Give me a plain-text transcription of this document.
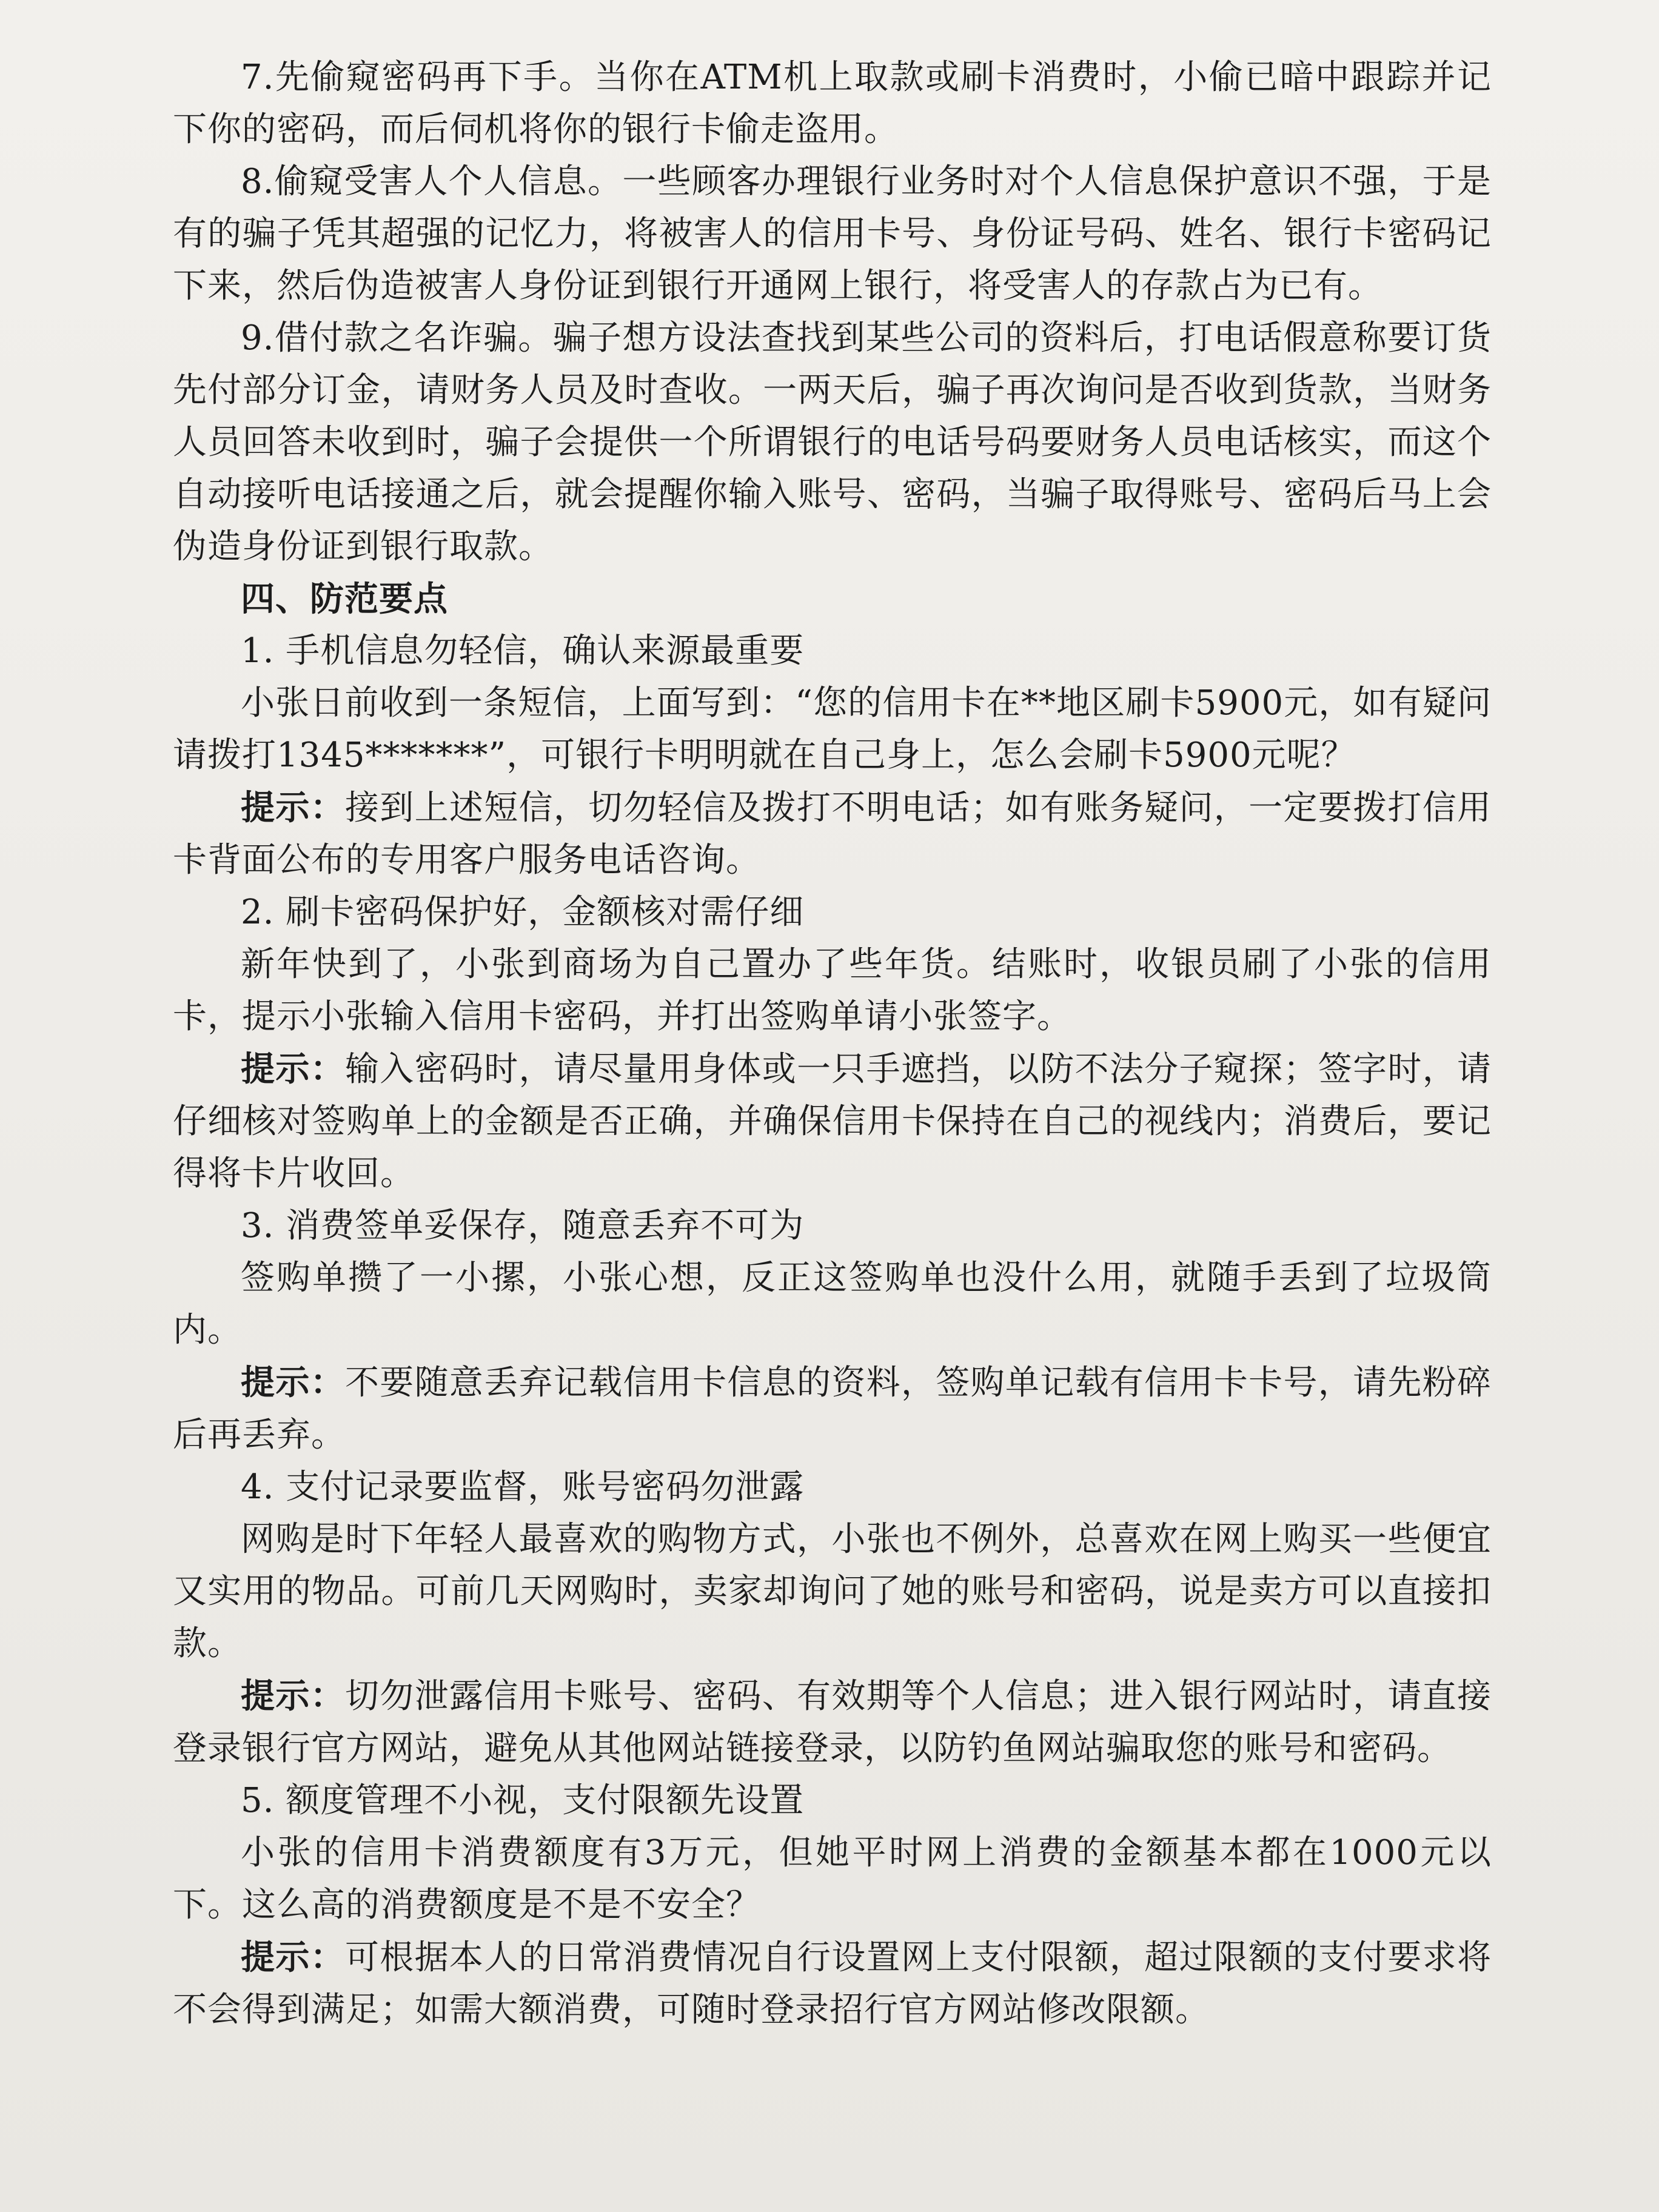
7.先偷窥密码再下手。当你在ATM机上取款或刷卡消费时，小偷已暗中跟踪并记下你的密码，而后伺机将你的银行卡偷走盗用。

8.偷窥受害人个人信息。一些顾客办理银行业务时对个人信息保护意识不强，于是有的骗子凭其超强的记忆力，将被害人的信用卡号、身份证号码、姓名、银行卡密码记下来，然后伪造被害人身份证到银行开通网上银行，将受害人的存款占为已有。

9.借付款之名诈骗。骗子想方设法查找到某些公司的资料后，打电话假意称要订货先付部分订金，请财务人员及时查收。一两天后，骗子再次询问是否收到货款，当财务人员回答未收到时，骗子会提供一个所谓银行的电话号码要财务人员电话核实，而这个自动接听电话接通之后，就会提醒你输入账号、密码，当骗子取得账号、密码后马上会伪造身份证到银行取款。

四、防范要点

1. 手机信息勿轻信，确认来源最重要

小张日前收到一条短信，上面写到：“您的信用卡在**地区刷卡5900元，如有疑问请拨打1345*******”，可银行卡明明就在自己身上，怎么会刷卡5900元呢？

提示：接到上述短信，切勿轻信及拨打不明电话；如有账务疑问，一定要拨打信用卡背面公布的专用客户服务电话咨询。

2. 刷卡密码保护好，金额核对需仔细

新年快到了，小张到商场为自己置办了些年货。结账时，收银员刷了小张的信用卡，提示小张输入信用卡密码，并打出签购单请小张签字。

提示：输入密码时，请尽量用身体或一只手遮挡，以防不法分子窥探；签字时，请仔细核对签购单上的金额是否正确，并确保信用卡保持在自己的视线内；消费后，要记得将卡片收回。

3. 消费签单妥保存，随意丢弃不可为

签购单攒了一小摞，小张心想，反正这签购单也没什么用，就随手丢到了垃圾筒内。

提示：不要随意丢弃记载信用卡信息的资料，签购单记载有信用卡卡号，请先粉碎后再丢弃。

4. 支付记录要监督，账号密码勿泄露

网购是时下年轻人最喜欢的购物方式，小张也不例外，总喜欢在网上购买一些便宜又实用的物品。可前几天网购时，卖家却询问了她的账号和密码，说是卖方可以直接扣款。

提示：切勿泄露信用卡账号、密码、有效期等个人信息；进入银行网站时，请直接登录银行官方网站，避免从其他网站链接登录，以防钓鱼网站骗取您的账号和密码。

5. 额度管理不小视，支付限额先设置

小张的信用卡消费额度有3万元，但她平时网上消费的金额基本都在1000元以下。这么高的消费额度是不是不安全？

提示：可根据本人的日常消费情况自行设置网上支付限额，超过限额的支付要求将不会得到满足；如需大额消费，可随时登录招行官方网站修改限额。
